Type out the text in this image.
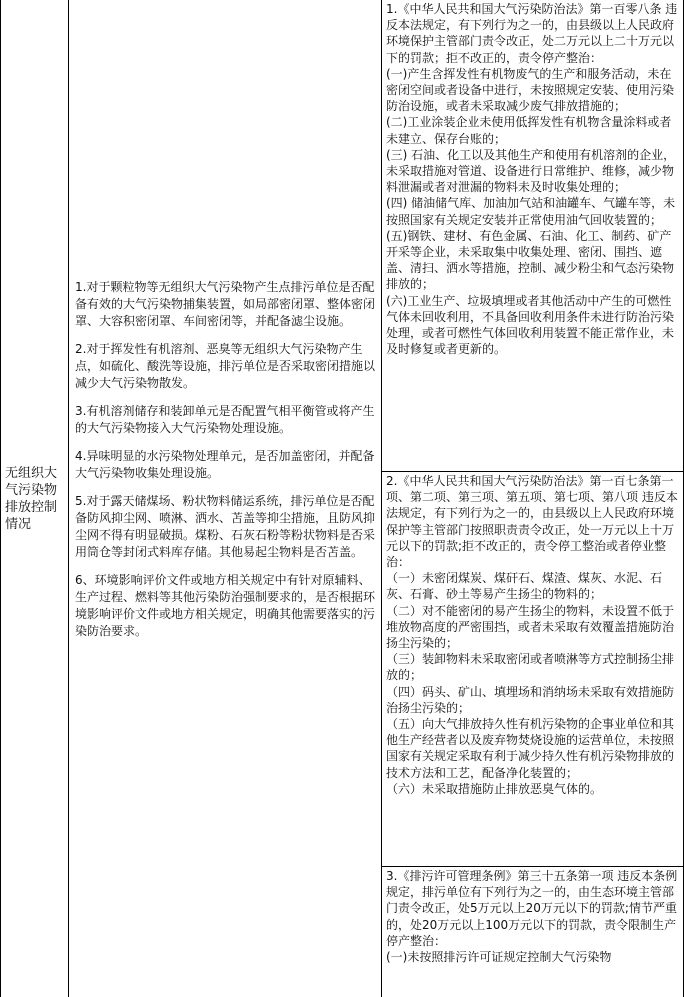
无组织大气污染物排放控制情况

1.对于颗粒物等无组织大气污染物产生点排污单位是否配备有效的大气污染物捕集装置，如局部密闭罩、整体密闭罩、大容积密闭罩、车间密闭等，并配备滤尘设施。

2.对于挥发性有机溶剂、恶臭等无组织大气污染物产生点，如硫化、酸洗等设施，排污单位是否采取密闭措施以减少大气污染物散发。

3.有机溶剂储存和装卸单元是否配置气相平衡管或将产生的大气污染物接入大气污染物处理设施。

4.异味明显的水污染物处理单元，是否加盖密闭，并配备大气污染物收集处理设施。

5.对于露天储煤场、粉状物料储运系统，排污单位是否配备防风抑尘网、喷淋、洒水、苫盖等抑尘措施，且防风抑尘网不得有明显破损。煤粉、石灰石粉等粉状物料是否采用筒仓等封闭式料库存储。其他易起尘物料是否苫盖。

6、环境影响评价文件或地方相关规定中有针对原辅料、生产过程、燃料等其他污染防治强制要求的，是否根据环境影响评价文件或地方相关规定，明确其他需要落实的污染防治要求。

1.《中华人民共和国大气污染防治法》第一百零八条 违反本法规定，有下列行为之一的，由县级以上人民政府环境保护主管部门责令改正，处二万元以上二十万元以下的罚款；拒不改正的，责令停产整治：

(一)产生含挥发性有机物废气的生产和服务活动，未在密闭空间或者设备中进行，未按照规定安装、使用污染防治设施，或者未采取减少废气排放措施的；

(二)工业涂装企业未使用低挥发性有机物含量涂料或者未建立、保存台账的；

(三) 石油、化工以及其他生产和使用有机溶剂的企业，未采取措施对管道、设备进行日常维护、维修，减少物料泄漏或者对泄漏的物料未及时收集处理的；

(四) 储油储气库、加油加气站和油罐车、气罐车等，未按照国家有关规定安装并正常使用油气回收装置的；

(五)钢铁、建材、有色金属、石油、化工、制药、矿产开采等企业，未采取集中收集处理、密闭、围挡、遮盖、清扫、洒水等措施，控制、减少粉尘和气态污染物排放的；

(六)工业生产、垃圾填埋或者其他活动中产生的可燃性气体未回收利用，不具备回收利用条件未进行防治污染处理，或者可燃性气体回收利用装置不能正常作业，未及时修复或者更新的。

2.《中华人民共和国大气污染防治法》第一百七条第一项、第二项、第三项、第五项、第七项、第八项 违反本法规定，有下列行为之一的，由县级以上人民政府环境保护等主管部门按照职责责令改正，处一万元以上十万元以下的罚款;拒不改正的，责令停工整治或者停业整治：

（一）未密闭煤炭、煤矸石、煤渣、煤灰、水泥、石灰、石膏、砂土等易产生扬尘的物料的；

（二）对不能密闭的易产生扬尘的物料，未设置不低于堆放物高度的严密围挡，或者未采取有效覆盖措施防治扬尘污染的；

（三）装卸物料未采取密闭或者喷淋等方式控制扬尘排放的；

（四）码头、矿山、填埋场和消纳场未采取有效措施防治扬尘污染的；

（五）向大气排放持久性有机污染物的企事业单位和其他生产经营者以及废弃物焚烧设施的运营单位，未按照国家有关规定采取有利于减少持久性有机污染物排放的技术方法和工艺，配备净化装置的；

（六）未采取措施防止排放恶臭气体的。

3.《排污许可管理条例》第三十五条第一项 违反本条例规定，排污单位有下列行为之一的，由生态环境主管部门责令改正，处5万元以上20万元以下的罚款;情节严重的，处20万元以上100万元以下的罚款，责令限制生产停产整治：

(一)未按照排污许可证规定控制大气污染物
